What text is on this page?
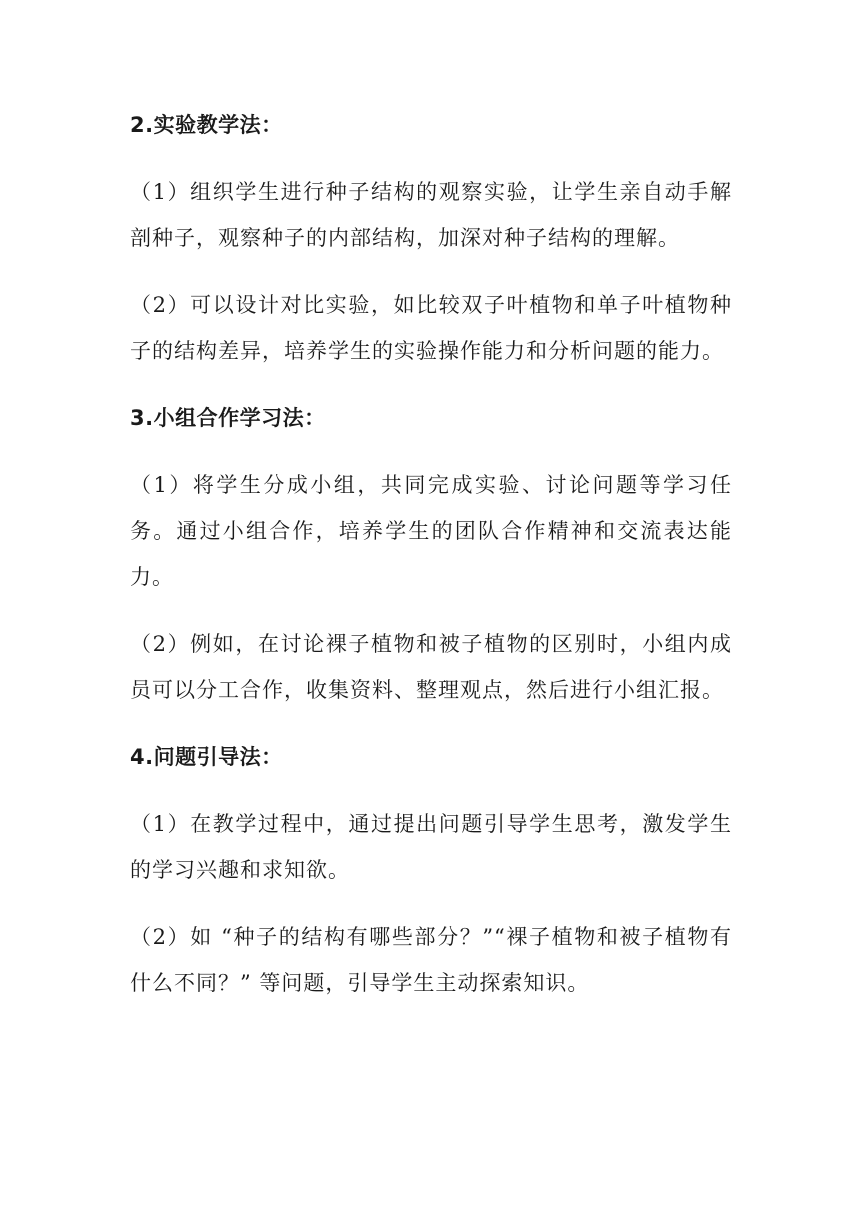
2.实验教学法：

（1）组织学生进行种子结构的观察实验，让学生亲自动手解剖种子，观察种子的内部结构，加深对种子结构的理解。

（2）可以设计对比实验，如比较双子叶植物和单子叶植物种子的结构差异，培养学生的实验操作能力和分析问题的能力。

3.小组合作学习法：

（1）将学生分成小组，共同完成实验、讨论问题等学习任务。通过小组合作，培养学生的团队合作精神和交流表达能力。

（2）例如，在讨论裸子植物和被子植物的区别时，小组内成员可以分工合作，收集资料、整理观点，然后进行小组汇报。

4.问题引导法：

（1）在教学过程中，通过提出问题引导学生思考，激发学生的学习兴趣和求知欲。

（2）如 “种子的结构有哪些部分？”“裸子植物和被子植物有什么不同？” 等问题，引导学生主动探索知识。
